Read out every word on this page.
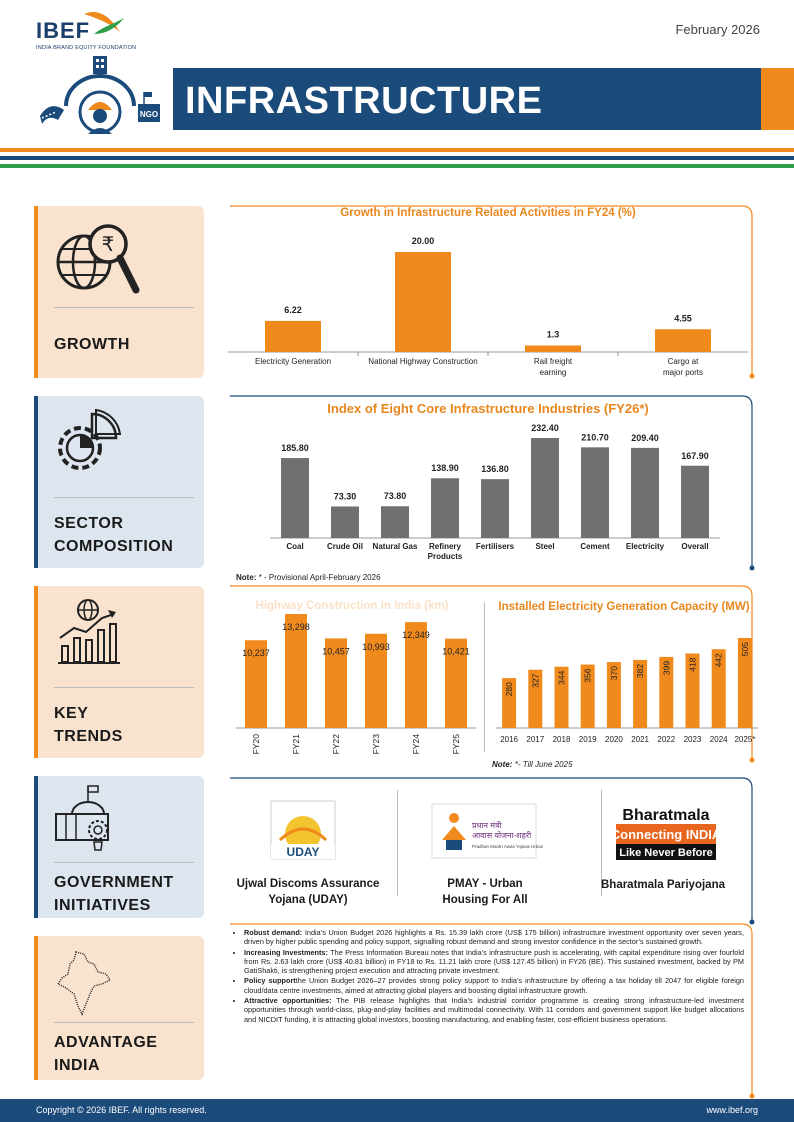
IBEF
INDIA BRAND EQUITY FOUNDATION
February 2026
NGO INFRASTRUCTURE
GROWTH
₹
SECTOR
COMPOSITION
KEY
TRENDS
GOVERNMENT
INITIATIVES
ADVANTAGE
INDIA
Growth in Infrastructure Related Activities in FY24 (%)
6.22
Electricity Generation
20.00
National Highway Construction
1.3
Rail freight
earning
4.55
Cargo at
major ports
Index of Eight Core Infrastructure Industries (FY26*)
185.80
Coal
73.30
Crude Oil
73.80
Natural Gas
138.90
Refinery
Products
136.80
Fertilisers
232.40
Steel
210.70
Cement
209.40
Electricity
167.90
Overall
Note: * - Provisional April-February 2026
Highway Construction in India (km)
10,237
FY20
13,298
FY21
10,457
FY22
10,993
FY23
12,349
FY24
10,421
FY25
Installed Electricity Generation Capacity (MW)
280
2016
327
2017
344
2018
356
2019
370
2020
382
2021
399
2022
418
2023
442
2024
505
2025*
Note: *- Till June 2025
UDAY
Ujwal Discoms Assurance
Yojana (UDAY)
प्रधान मंत्री
आवास योजना-शहरी
Pradhan Mantri Awas Yojana-Urban
PMAY - Urban
Housing For All
Bharatmala
Connecting INDIA
Like Never Before
Bharatmala Pariyojana
• Robust demand: India’s Union Budget 2026 highlights a Rs. 15.39 lakh crore (US$ 175 billion) infrastructure investment opportunity over seven years, driven by higher public spending and policy support, signalling robust demand and strong investor confidence in the sector’s sustained growth.
• Increasing Investments: The Press Information Bureau notes that India’s infrastructure push is accelerating, with capital expenditure rising over fourfold from Rs. 2.63 lakh crore (US$ 40.81 billion) in FY18 to Rs. 11.21 lakh crore (US$ 127.45 billion) in FY26 (BE). This sustained investment, backed by PM GatiShakti, is strengthening project execution and attracting private investment.
• Policy supportthe Union Budget 2026–27 provides strong policy support to India’s infrastructure by offering a tax holiday till 2047 for eligible foreign cloud/data centre investments, aimed at attracting global players and boosting digital infrastructure growth.
• Attractive opportunities: The PIB release highlights that India’s industrial corridor programme is creating strong infrastructure-led investment opportunities through world-class, plug-and-play facilities and multimodal connectivity. With 11 corridors and government support like budget allocations and NICDIT funding, it is attracting global investors, boosting manufacturing, and enabling faster, cost-efficient business operations.
Copyright © 2026 IBEF. All rights reserved.	www.ibef.org
